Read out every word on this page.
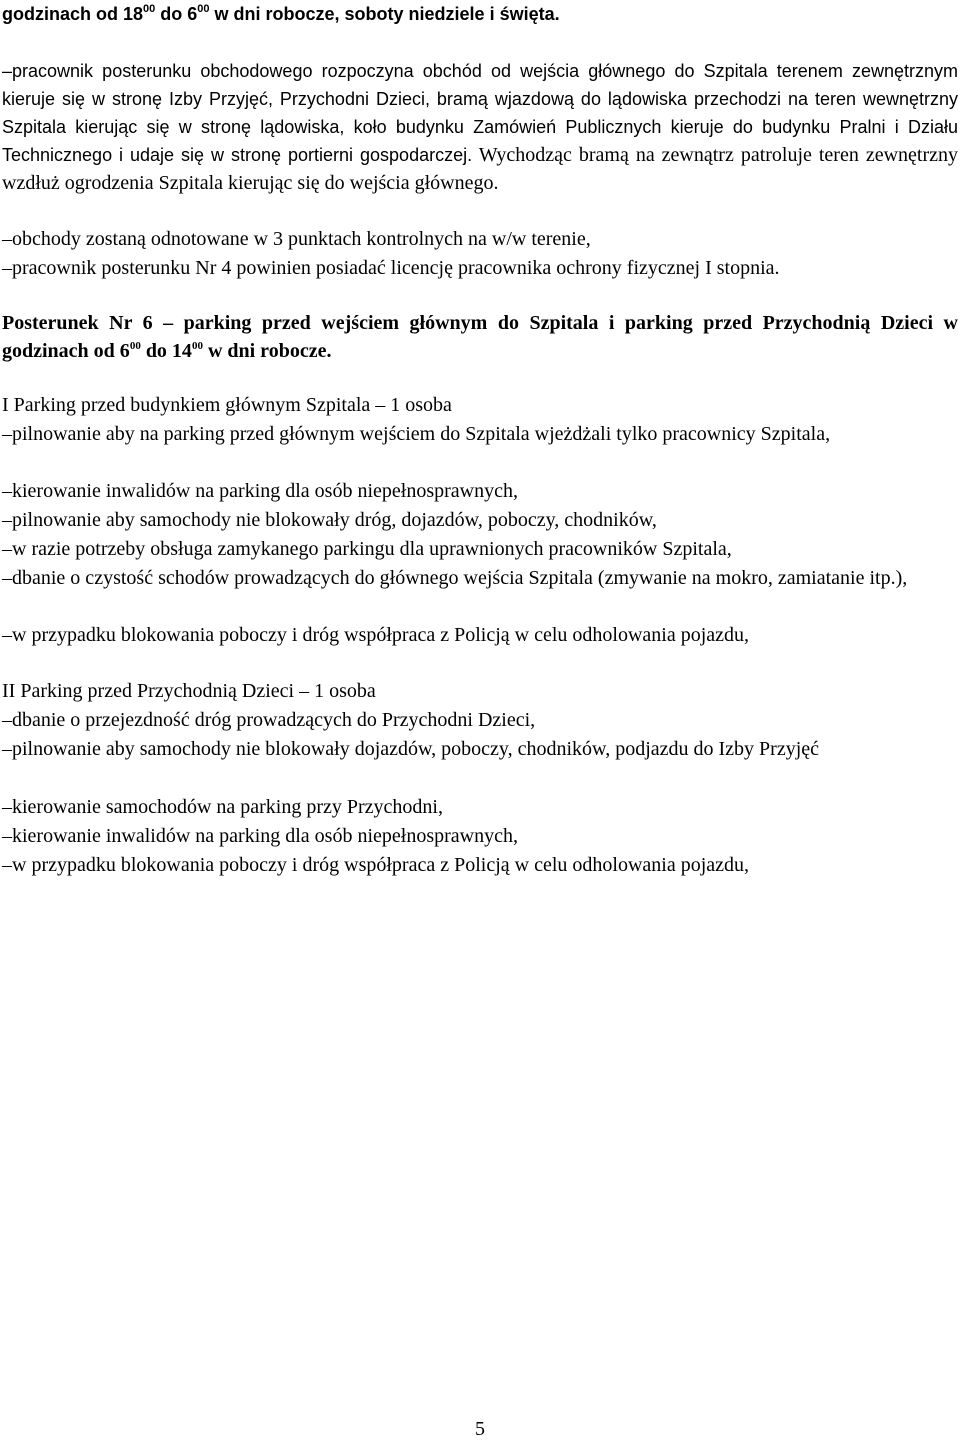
godzinach od $18^{00}$ do $6^{00}$ w dni robocze, soboty niedziele i święta.
–pracownik posterunku obchodowego rozpoczyna obchód od wejścia głównego do Szpitala terenem zewnętrznym kieruje się w stronę Izby Przyjęć, Przychodni Dzieci, bramą wjazdową do lądowiska przechodzi na teren wewnętrzny Szpitala kierując się w stronę lądowiska, koło budynku Zamówień Publicznych kieruje do budynku Pralni i Działu Technicznego i udaje się w stronę portierni gospodarczej. Wychodząc bramą na zewnątrz patroluje teren zewnętrzny wzdłuż ogrodzenia Szpitala kierując się do wejścia głównego.
–obchody zostaną odnotowane w 3 punktach kontrolnych na w/w terenie,
–pracownik posterunku Nr 4 powinien posiadać licencję pracownika ochrony fizycznej I stopnia.
Posterunek Nr 6 – parking przed wejściem głównym do Szpitala i parking przed Przychodnią Dzieci w godzinach od $6^{00}$ do $14^{00}$ w dni robocze.
I Parking przed budynkiem głównym Szpitala – 1 osoba
–pilnowanie aby na parking przed głównym wejściem do Szpitala wjeżdżali tylko pracownicy Szpitala,
–kierowanie inwalidów na parking dla osób niepełnosprawnych,
–pilnowanie aby samochody nie blokowały dróg, dojazdów, poboczy, chodników,
–w razie potrzeby obsługa zamykanego parkingu dla uprawnionych pracowników Szpitala,
–dbanie o czystość schodów prowadzących do głównego wejścia Szpitala (zmywanie na mokro, zamiatanie itp.),
–w przypadku blokowania poboczy i dróg współpraca z Policją w celu odholowania pojazdu,
II Parking przed Przychodnią Dzieci – 1 osoba
–dbanie o przejezdność dróg prowadzących do Przychodni Dzieci,
–pilnowanie aby samochody nie blokowały dojazdów, poboczy, chodników, podjazdu do Izby Przyjęć
–kierowanie samochodów na parking przy Przychodni,
–kierowanie inwalidów na parking dla osób niepełnosprawnych,
–w przypadku blokowania poboczy i dróg współpraca z Policją w celu odholowania pojazdu,
5
